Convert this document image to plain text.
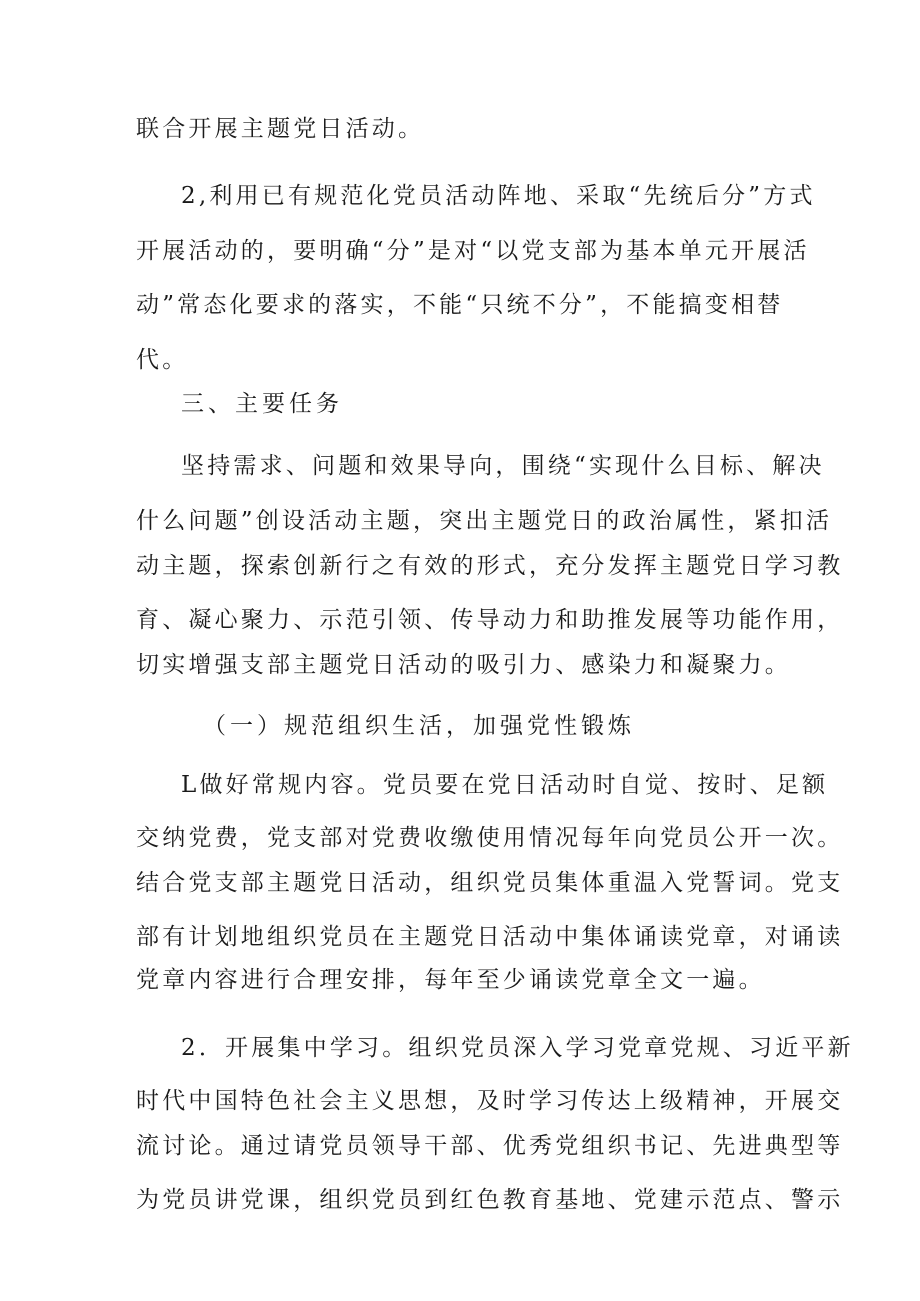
联合开展主题党日活动。
2,利用已有规范化党员活动阵地、采取“先统后分”方式
开展活动的，要明确“分”是对“以党支部为基本单元开展活
动”常态化要求的落实，不能“只统不分”，不能搞变相替
代。
三、主要任务
坚持需求、问题和效果导向，围绕“实现什么目标、解决
什么问题”创设活动主题，突出主题党日的政治属性，紧扣活
动主题，探索创新行之有效的形式，充分发挥主题党日学习教
育、凝心聚力、示范引领、传导动力和助推发展等功能作用，
切实增强支部主题党日活动的吸引力、感染力和凝聚力。
（一）规范组织生活，加强党性锻炼
L做好常规内容。党员要在党日活动时自觉、按时、足额
交纳党费，党支部对党费收缴使用情况每年向党员公开一次。
结合党支部主题党日活动，组织党员集体重温入党誓词。党支
部有计划地组织党员在主题党日活动中集体诵读党章，对诵读
党章内容进行合理安排，每年至少诵读党章全文一遍。
2．开展集中学习。组织党员深入学习党章党规、习近平新
时代中国特色社会主义思想，及时学习传达上级精神，开展交
流讨论。通过请党员领导干部、优秀党组织书记、先进典型等
为党员讲党课，组织党员到红色教育基地、党建示范点、警示
